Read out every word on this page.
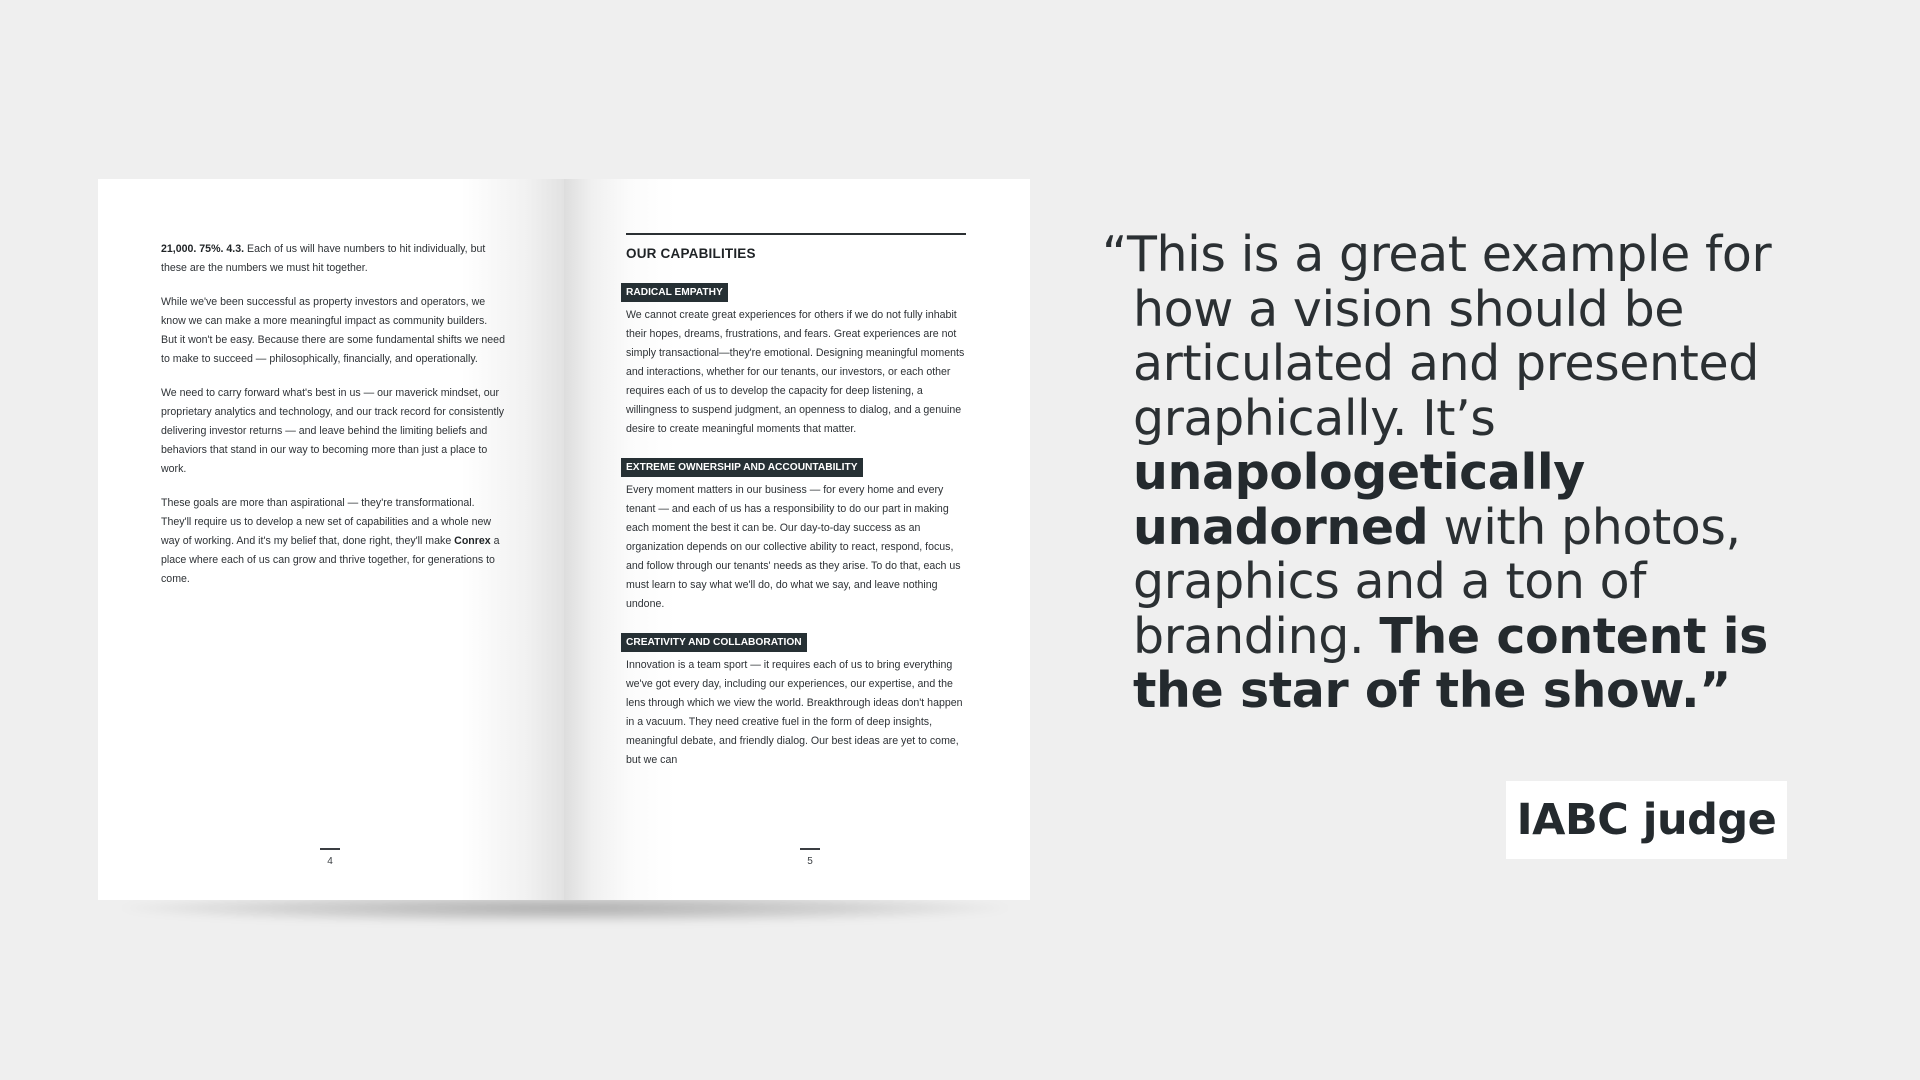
21,000. 75%. 4.3. Each of us will have numbers to hit individually, but these are the numbers we must hit together.

While we've been successful as property investors and operators, we know we can make a more meaningful impact as community builders. But it won't be easy. Because there are some fundamental shifts we need to make to succeed — philosophically, financially, and operationally.

We need to carry forward what's best in us — our maverick mindset, our proprietary analytics and technology, and our track record for consistently delivering investor returns — and leave behind the limiting beliefs and behaviors that stand in our way to becoming more than just a place to work.

These goals are more than aspirational — they're transformational. They'll require us to develop a new set of capabilities and a whole new way of working. And it's my belief that, done right, they'll make Conrex a place where each of us can grow and thrive together, for generations to come.

4
OUR CAPABILITIES
RADICAL EMPATHY

We cannot create great experiences for others if we do not fully inhabit their hopes, dreams, frustrations, and fears. Great experiences are not simply transactional—they're emotional. Designing meaningful moments and interactions, whether for our tenants, our investors, or each other requires each of us to develop the capacity for deep listening, a willingness to suspend judgment, an openness to dialog, and a genuine desire to create meaningful moments that matter.

EXTREME OWNERSHIP AND ACCOUNTABILITY

Every moment matters in our business — for every home and every tenant — and each of us has a responsibility to do our part in making each moment the best it can be. Our day-to-day success as an organization depends on our collective ability to react, respond, focus, and follow through our tenants' needs as they arise. To do that, each us must learn to say what we'll do, do what we say, and leave nothing undone.

CREATIVITY AND COLLABORATION

Innovation is a team sport — it requires each of us to bring everything we've got every day, including our experiences, our expertise, and the lens through which we view the world. Breakthrough ideas don't happen in a vacuum. They need creative fuel in the form of deep insights, meaningful debate, and friendly dialog. Our best ideas are yet to come, but we can

5
“This is a great example for
how a vision should be
articulated and presented
graphically. It’s
unapologetically
unadorned with photos,
graphics and a ton of
branding. The content is
the star of the show.”
IABC judge
